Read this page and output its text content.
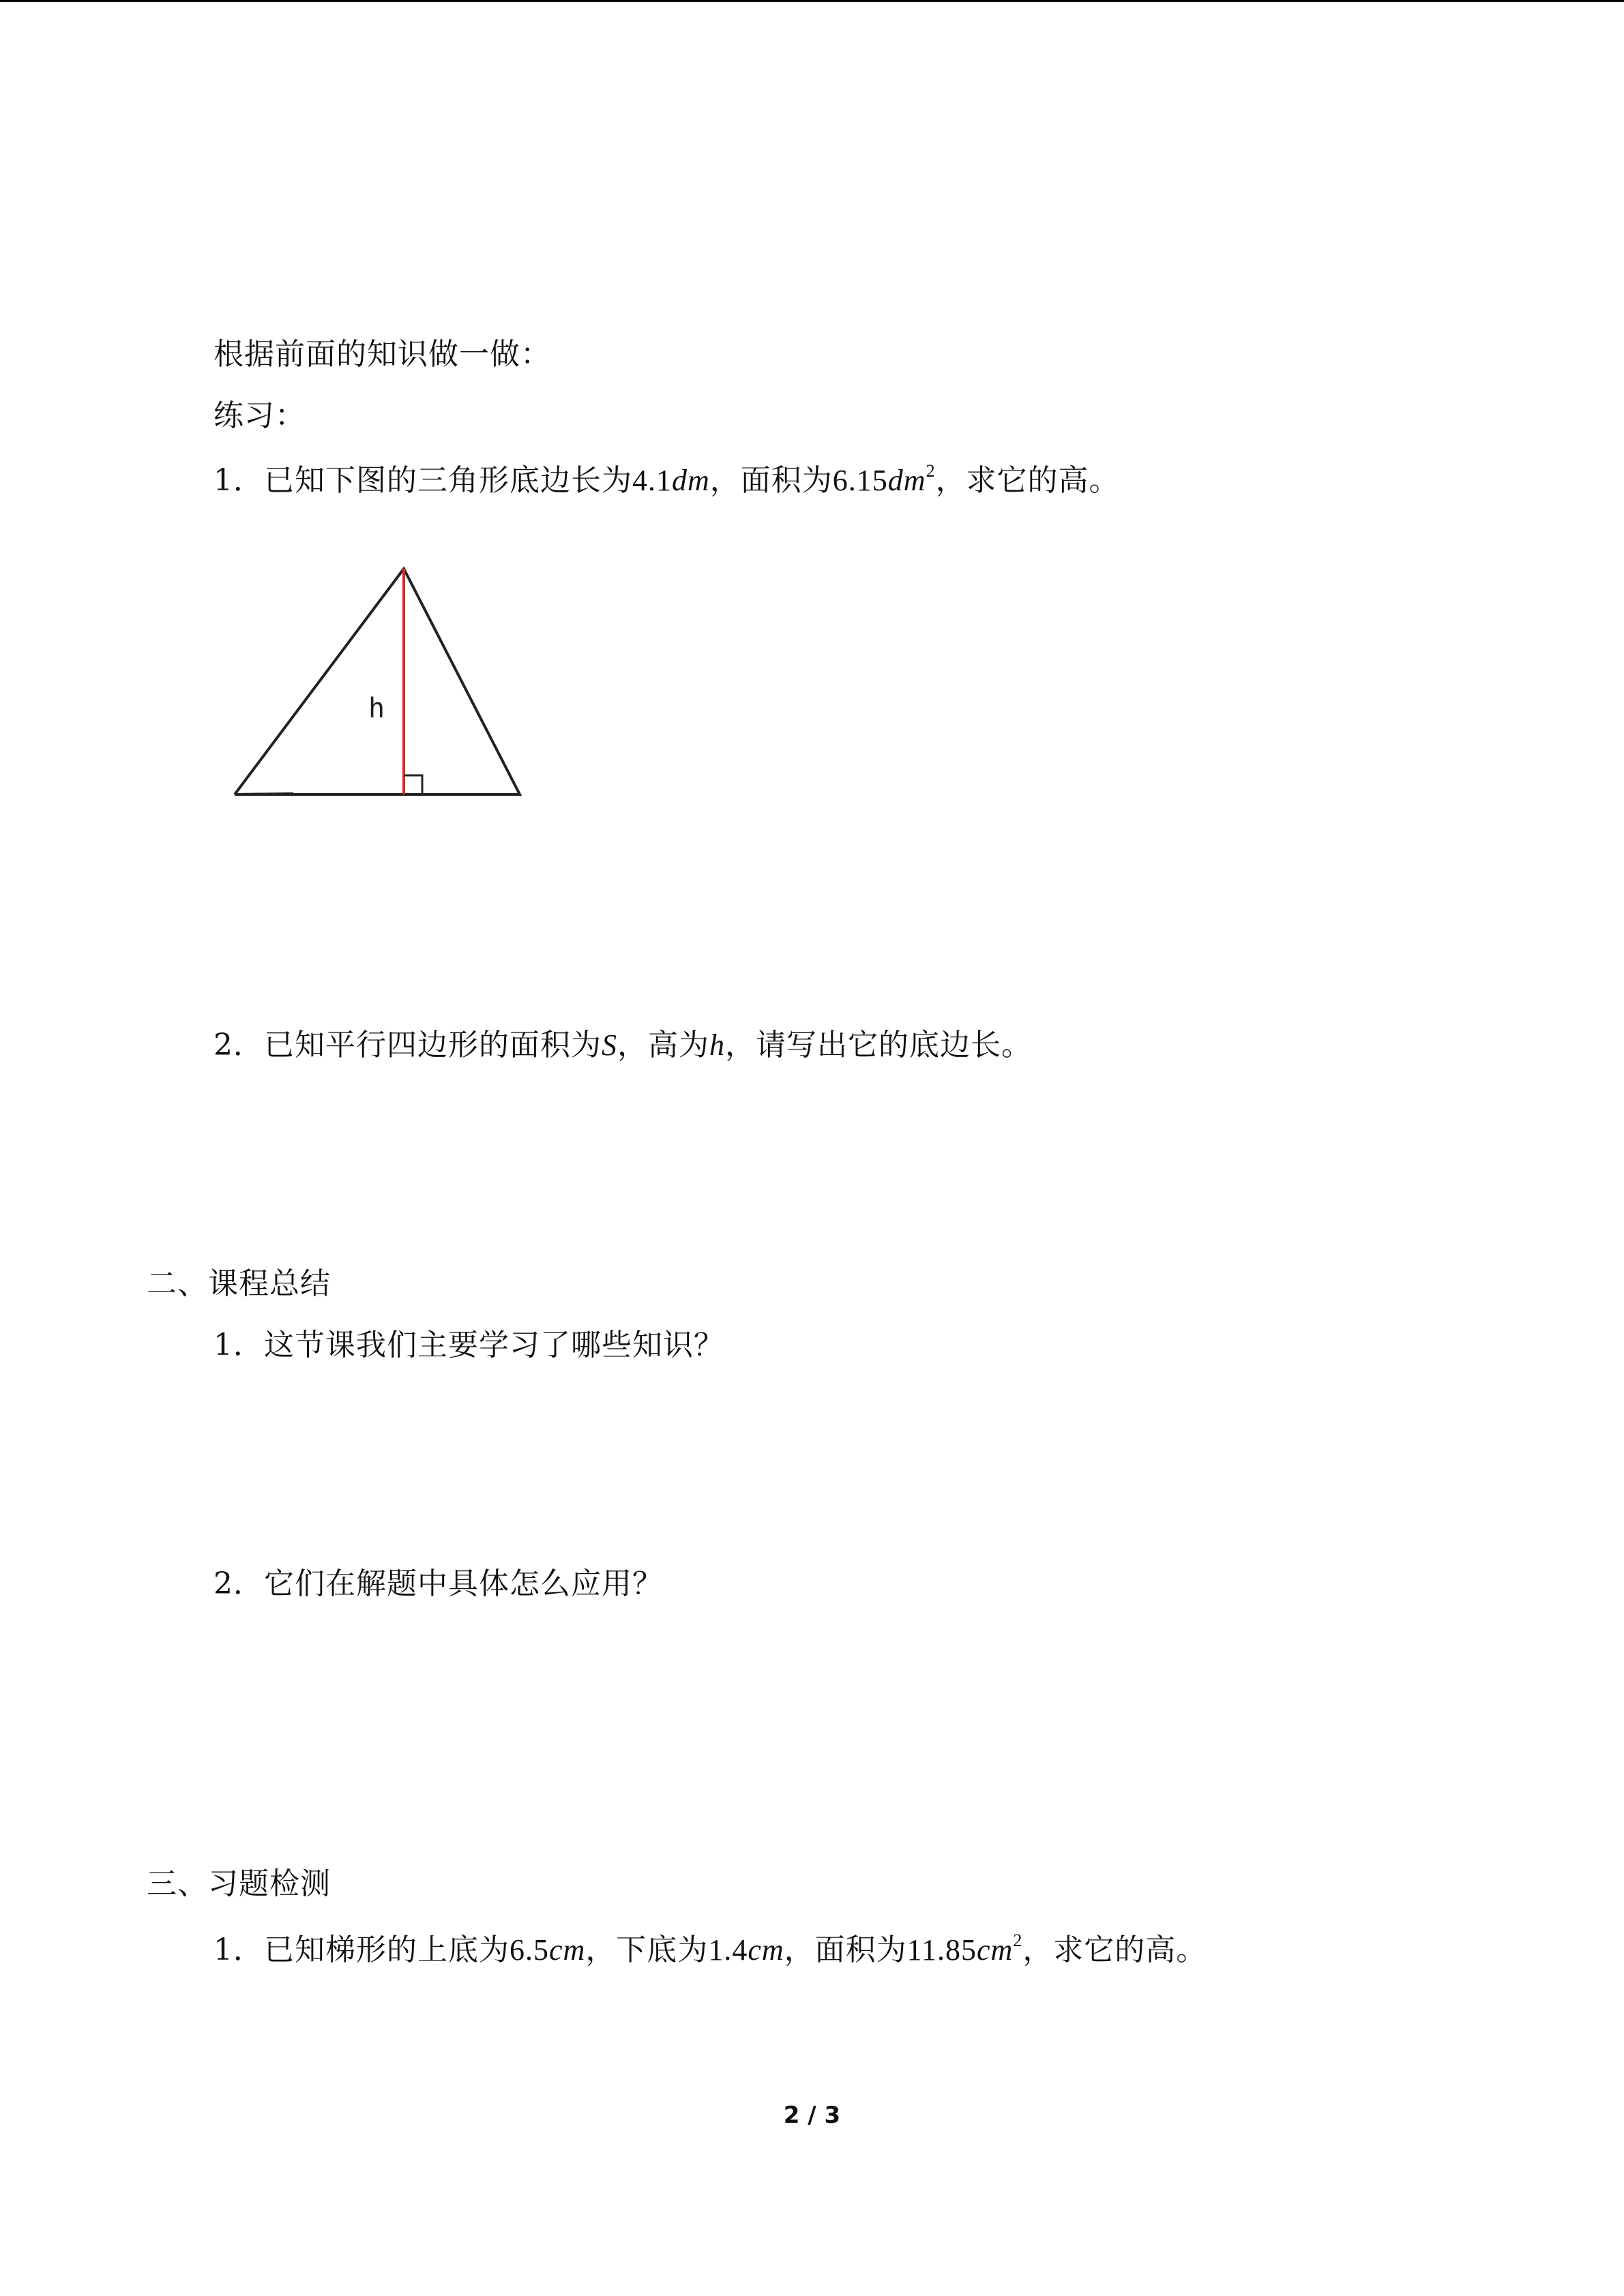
根据前面的知识做一做：
练习：
1．已知下图的三角形底边长为4.1dm，面积为$6.15dm^2$，求它的高。
h
2．已知平行四边形的面积为S，高为h，请写出它的底边长。
二、课程总结
1．这节课我们主要学习了哪些知识？
2．它们在解题中具体怎么应用？
三、习题检测
1．已知梯形的上底为6.5cm，下底为1.4cm，面积为$11.85cm^2$，求它的高。
2 / 3
